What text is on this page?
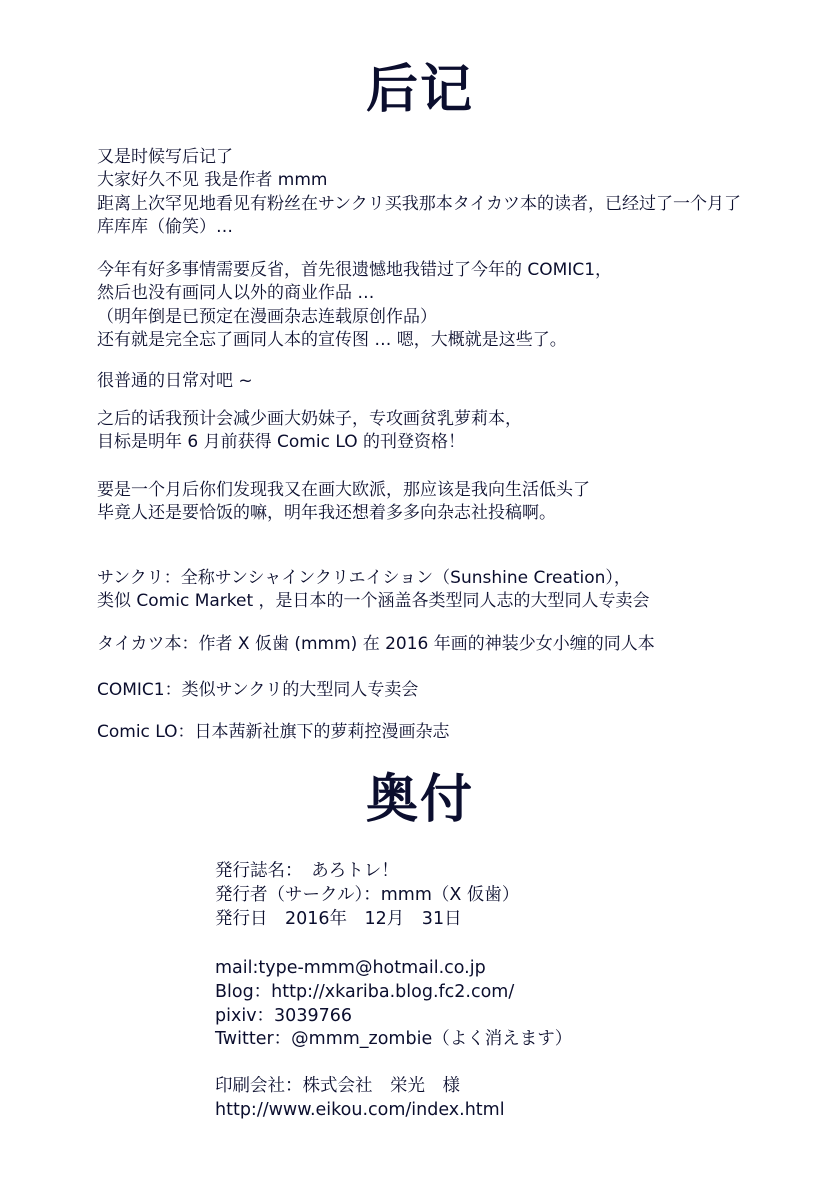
后记
又是时候写后记了
大家好久不见 我是作者 mmm
距离上次罕见地看见有粉丝在サンクリ买我那本タイカツ本的读者，已经过了一个月了
库库库（偷笑）…
今年有好多事情需要反省，首先很遗憾地我错过了今年的 COMIC1，
然后也没有画同人以外的商业作品 …
（明年倒是已预定在漫画杂志连载原创作品）
还有就是完全忘了画同人本的宣传图 … 嗯，大概就是这些了。
很普通的日常对吧 ~
之后的话我预计会减少画大奶妹子，专攻画贫乳萝莉本，
目标是明年 6 月前获得 Comic LO 的刊登资格！
要是一个月后你们发现我又在画大欧派，那应该是我向生活低头了
毕竟人还是要恰饭的嘛，明年我还想着多多向杂志社投稿啊。
サンクリ：全称サンシャインクリエイション（Sunshine Creation），
类似 Comic Market ，是日本的一个涵盖各类型同人志的大型同人专卖会
タイカツ本：作者 X 仮歯 (mmm) 在 2016 年画的神装少女小缠的同人本
COMIC1：类似サンクリ的大型同人专卖会
Comic LO：日本茜新社旗下的萝莉控漫画杂志
奥付
発行誌名：　あろトレ！
発行者（サークル）：mmm（X 仮歯）
発行日　2016年　12月　31日
mail:type-mmm@hotmail.co.jp
Blog：http://xkariba.blog.fc2.com/
pixiv：3039766
Twitter：@mmm_zombie（よく消えます）
印刷会社：株式会社　栄光　様
http://www.eikou.com/index.html
